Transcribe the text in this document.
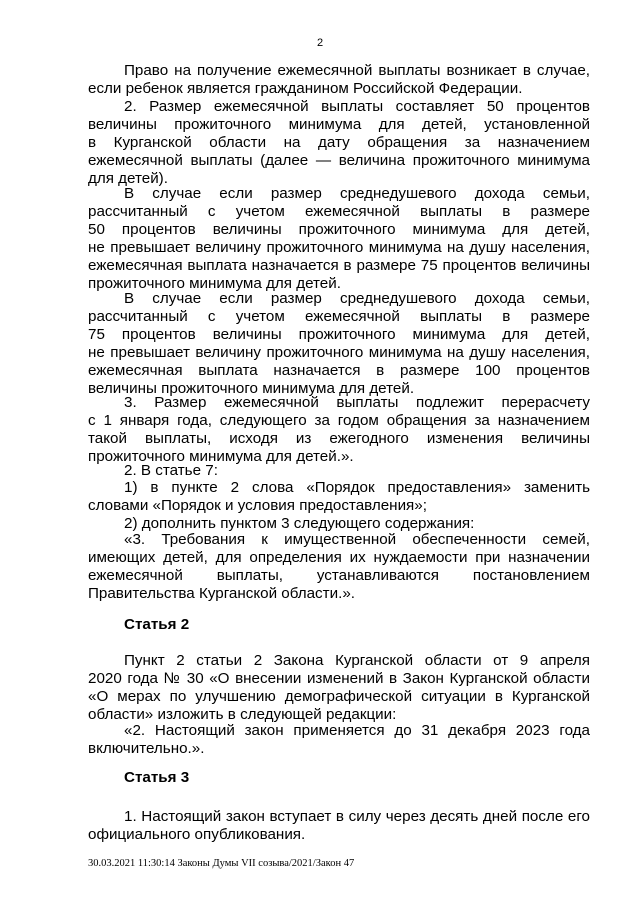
2
Право на получение ежемесячной выплаты возникает в случае,
если ребенок является гражданином Российской Федерации.
2. Размер ежемесячной выплаты составляет 50 процентов
величины прожиточного минимума для детей, установленной
в Курганской области на дату обращения за назначением
ежемесячной выплаты (далее — величина прожиточного минимума
для детей).
В случае если размер среднедушевого дохода семьи,
рассчитанный с учетом ежемесячной выплаты в размере
50 процентов величины прожиточного минимума для детей,
не превышает величину прожиточного минимума на душу населения,
ежемесячная выплата назначается в размере 75 процентов величины
прожиточного минимума для детей.
В случае если размер среднедушевого дохода семьи,
рассчитанный с учетом ежемесячной выплаты в размере
75 процентов величины прожиточного минимума для детей,
не превышает величину прожиточного минимума на душу населения,
ежемесячная выплата назначается в размере 100 процентов
величины прожиточного минимума для детей.
3. Размер ежемесячной выплаты подлежит перерасчету
с 1 января года, следующего за годом обращения за назначением
такой выплаты, исходя из ежегодного изменения величины
прожиточного минимума для детей.».
2. В статье 7:
1) в пункте 2 слова «Порядок предоставления» заменить
словами «Порядок и условия предоставления»;
2) дополнить пунктом 3 следующего содержания:
«3. Требования к имущественной обеспеченности семей,
имеющих детей, для определения их нуждаемости при назначении
ежемесячной выплаты, устанавливаются постановлением
Правительства Курганской области.».
Пункт 2 статьи 2 Закона Курганской области от 9 апреля
2020 года № 30 «О внесении изменений в Закон Курганской области
«О мерах по улучшению демографической ситуации в Курганской
области» изложить в следующей редакции:
«2. Настоящий закон применяется до 31 декабря 2023 года
включительно.».
1. Настоящий закон вступает в силу через десять дней после его
официального опубликования.
Статья 2
Статья 3
30.03.2021 11:30:14 Законы Думы VII созыва/2021/Закон 47
